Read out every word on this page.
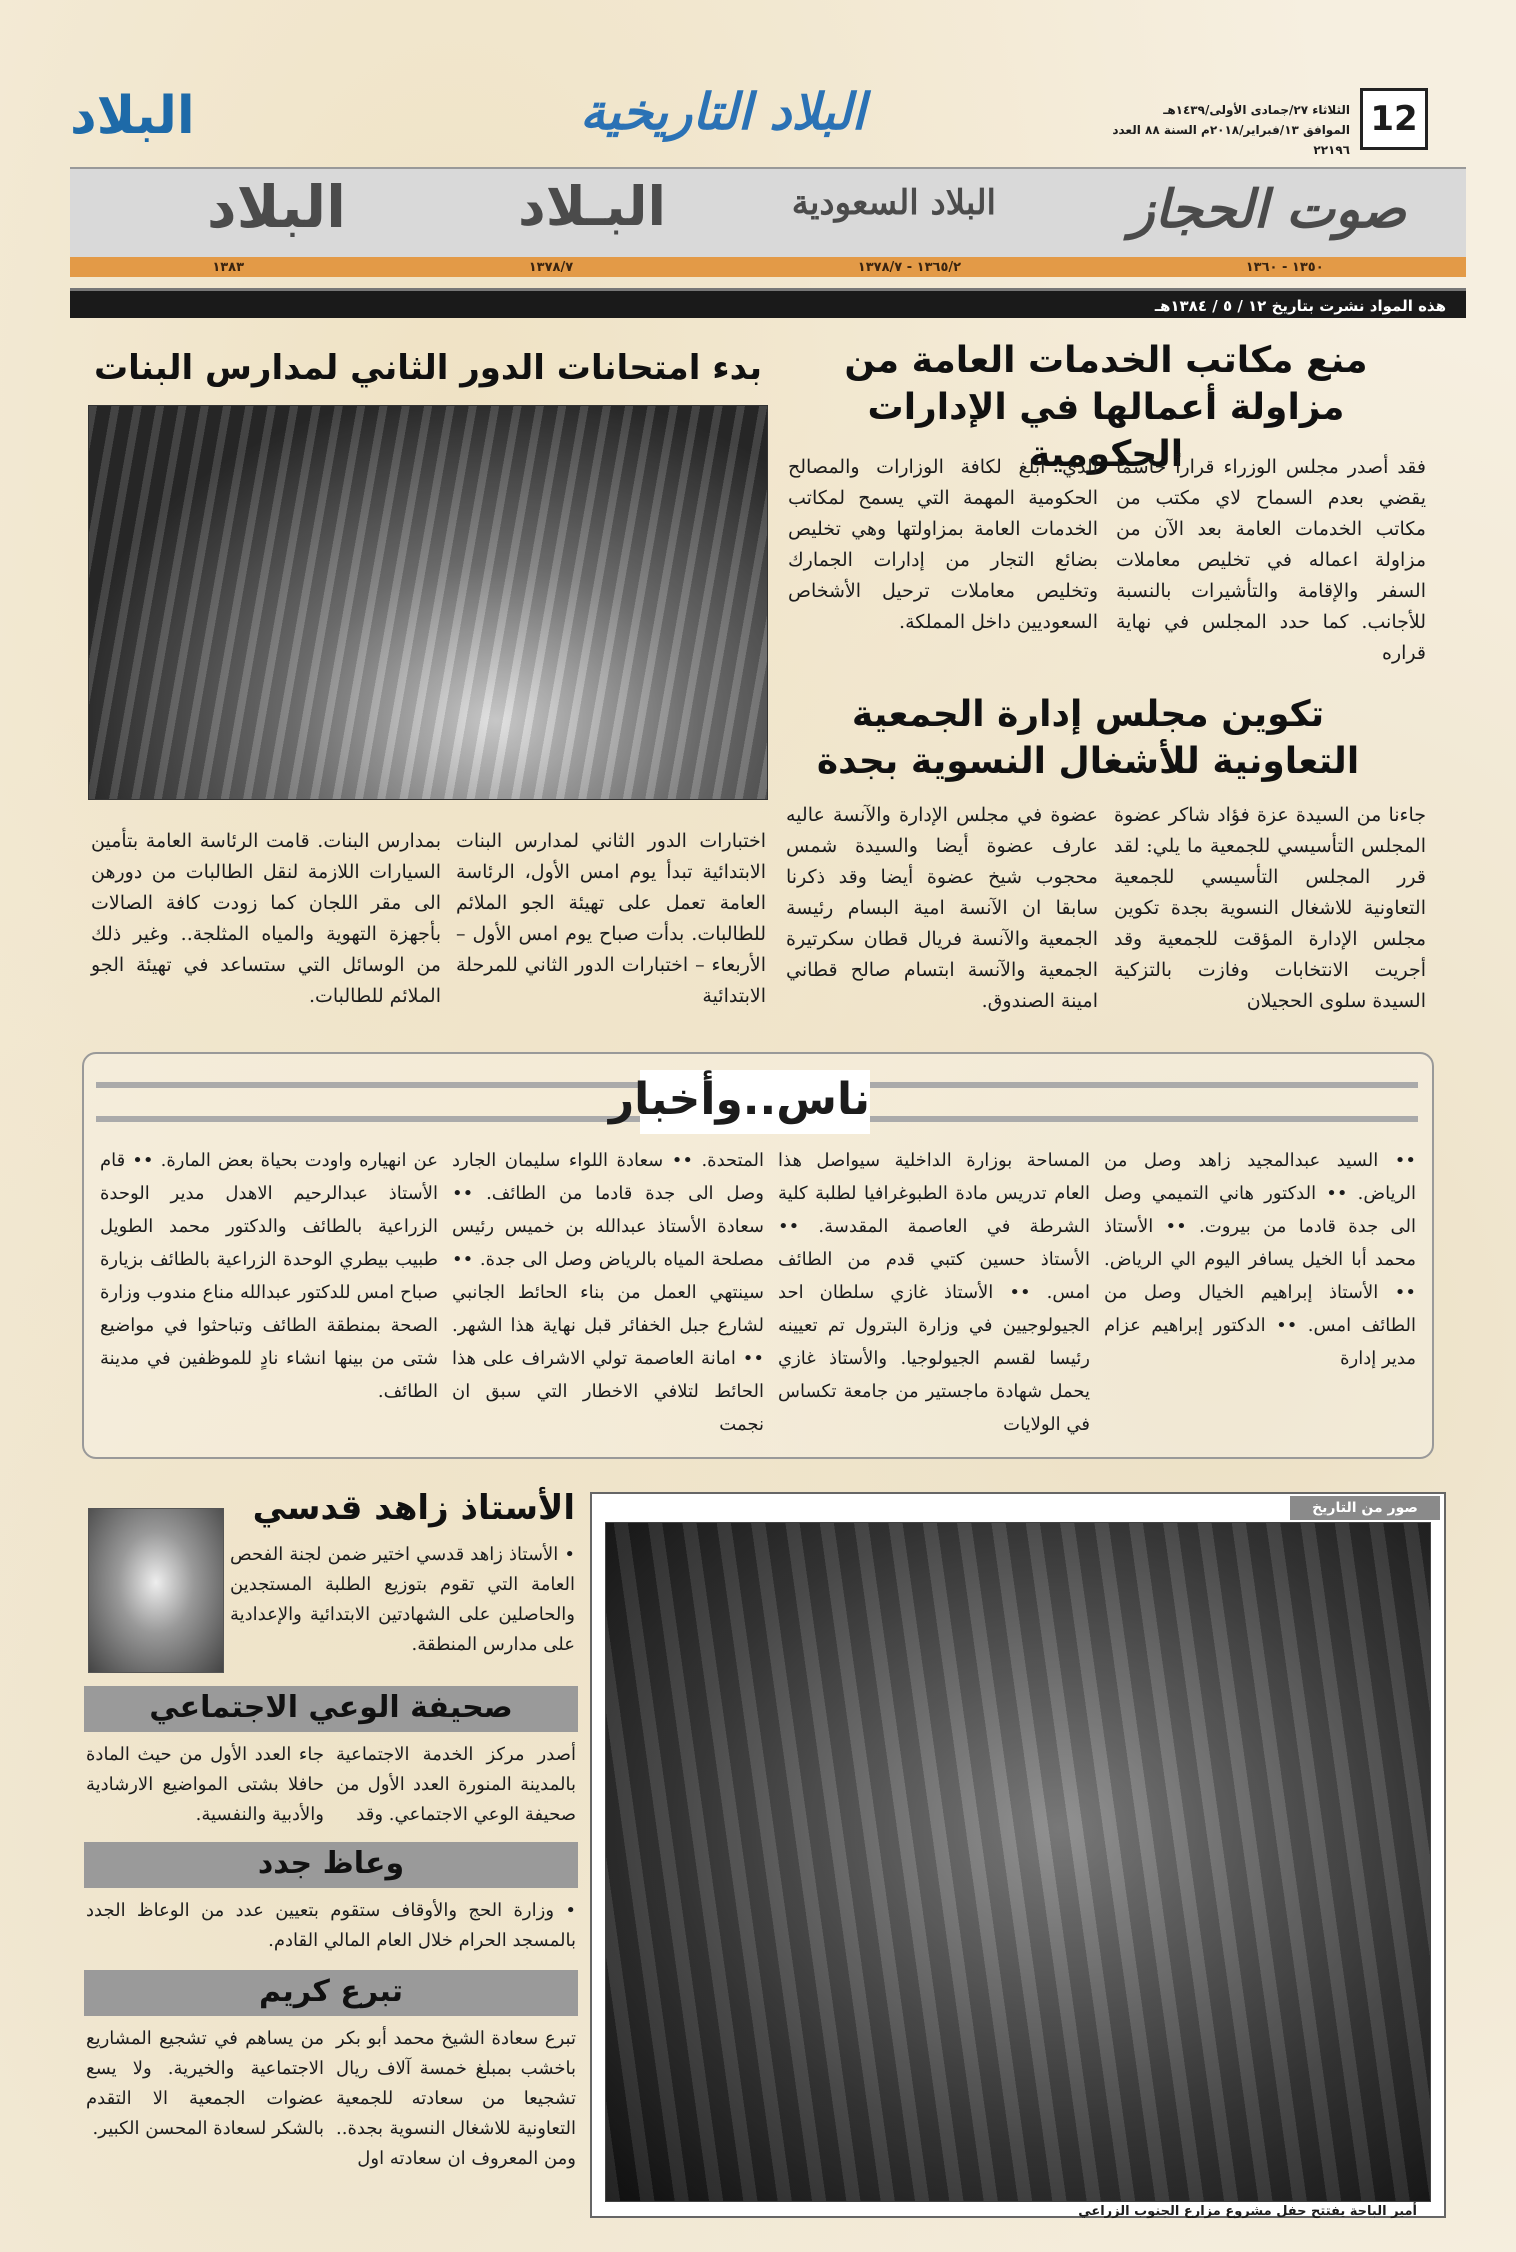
12
الثلاثاء ٢٧/جمادى الأولى/١٤٣٩هـ
الموافق ١٣/فبراير/٢٠١٨م السنة ٨٨ العدد ٢٢١٩٦
البلاد التاريخية
البلاد
صوت الحجاز
البلاد السعودية
البـلاد
البلاد
١٣٨٣	١٣٧٨/٧	١٣٦٥/٢ - ١٣٧٨/٧	١٣٥٠ - ١٣٦٠
هذه المواد نشرت بتاريخ ١٢ / ٥ / ١٣٨٤هـ
منع مكاتب الخدمات العامة من
مزاولة أعمالها في الإدارات الحكومية
فقد أصدر مجلس الوزراء قراراً حاسما يقضي بعدم السماح لاي مكتب من مكاتب الخدمات العامة بعد الآن من مزاولة اعماله في تخليص معاملات السفر والإقامة والتأشيرات بالنسبة للأجانب. كما حدد المجلس في نهاية قراره
الذي ابلغ لكافة الوزارات والمصالح الحكومية المهمة التي يسمح لمكاتب الخدمات العامة بمزاولتها وهي تخليص بضائع التجار من إدارات الجمارك وتخليص معاملات ترحيل الأشخاص السعوديين داخل المملكة.
بدء امتحانات الدور الثاني لمدارس البنات
تكوين مجلس إدارة الجمعية
التعاونية للأشغال النسوية بجدة
جاءنا من السيدة عزة فؤاد شاكر عضوة المجلس التأسيسي للجمعية ما يلي: لقد قرر المجلس التأسيسي للجمعية التعاونية للاشغال النسوية بجدة تكوين مجلس الإدارة المؤقت للجمعية وقد أجريت الانتخابات وفازت بالتزكية السيدة سلوى الحجيلان
عضوة في مجلس الإدارة والآنسة عاليه عارف عضوة أيضا والسيدة شمس محجوب شيخ عضوة أيضا وقد ذكرنا سابقا ان الآنسة امية البسام رئيسة الجمعية والآنسة فريال قطان سكرتيرة الجمعية والآنسة ابتسام صالح قطاني امينة الصندوق.
اختبارات الدور الثاني لمدارس البنات الابتدائية تبدأ يوم امس الأول، الرئاسة العامة تعمل على تهيئة الجو الملائم للطالبات. بدأت صباح يوم امس الأول – الأربعاء – اختبارات الدور الثاني للمرحلة الابتدائية
بمدارس البنات. قامت الرئاسة العامة بتأمين السيارات اللازمة لنقل الطالبات من دورهن الى مقر اللجان كما زودت كافة الصالات بأجهزة التهوية والمياه المثلجة.. وغير ذلك من الوسائل التي ستساعد في تهيئة الجو الملائم للطالبات.
ناس..وأخبار
•• السيد عبدالمجيد زاهد وصل من الرياض. •• الدكتور هاني التميمي وصل الى جدة قادما من بيروت. •• الأستاذ محمد أبا الخيل يسافر اليوم الي الرياض. •• الأستاذ إبراهيم الخيال وصل من الطائف امس. •• الدكتور إبراهيم عزام مدير إدارة
المساحة بوزارة الداخلية سيواصل هذا العام تدريس مادة الطبوغرافيا لطلبة كلية الشرطة في العاصمة المقدسة. •• الأستاذ حسين كتبي قدم من الطائف امس. •• الأستاذ غازي سلطان احد الجيولوجيين في وزارة البترول تم تعيينه رئيسا لقسم الجيولوجيا. والأستاذ غازي يحمل شهادة ماجستير من جامعة تكساس في الولايات
المتحدة. •• سعادة اللواء سليمان الجارد وصل الى جدة قادما من الطائف. •• سعادة الأستاذ عبدالله بن خميس رئيس مصلحة المياه بالرياض وصل الى جدة. •• سينتهي العمل من بناء الحائط الجانبي لشارع جبل الخفائر قبل نهاية هذا الشهر. •• امانة العاصمة تولي الاشراف على هذا الحائط لتلافي الاخطار التي سبق ان نجمت
عن انهياره واودت بحياة بعض المارة. •• قام الأستاذ عبدالرحيم الاهدل مدير الوحدة الزراعية بالطائف والدكتور محمد الطويل طبيب بيطري الوحدة الزراعية بالطائف بزيارة صباح امس للدكتور عبدالله مناع مندوب وزارة الصحة بمنطقة الطائف وتباحثوا في مواضيع شتى من بينها انشاء نادٍ للموظفين في مدينة الطائف.
صور من التاريخ
أمير الباحة يفتتح حفل مشروع مزارع الجنوب الزراعي
الأستاذ زاهد قدسي
• الأستاذ زاهد قدسي اختير ضمن لجنة الفحص العامة التي تقوم بتوزيع الطلبة المستجدين والحاصلين على الشهادتين الابتدائية والإعدادية على مدارس المنطقة.
صحيفة الوعي الاجتماعي
أصدر مركز الخدمة الاجتماعية بالمدينة المنورة العدد الأول من صحيفة الوعي الاجتماعي. وقد
جاء العدد الأول من حيث المادة حافلا بشتى المواضيع الارشادية والأدبية والنفسية.
وعاظ جدد
• وزارة الحج والأوقاف ستقوم بتعيين عدد من الوعاظ الجدد بالمسجد الحرام خلال العام المالي القادم.
تبرع كريم
تبرع سعادة الشيخ محمد أبو بكر باخشب بمبلغ خمسة آلاف ريال تشجيعا من سعادته للجمعية التعاونية للاشغال النسوية بجدة.. ومن المعروف ان سعادته اول
من يساهم في تشجيع المشاريع الاجتماعية والخيرية. ولا يسع عضوات الجمعية الا التقدم بالشكر لسعادة المحسن الكبير.
